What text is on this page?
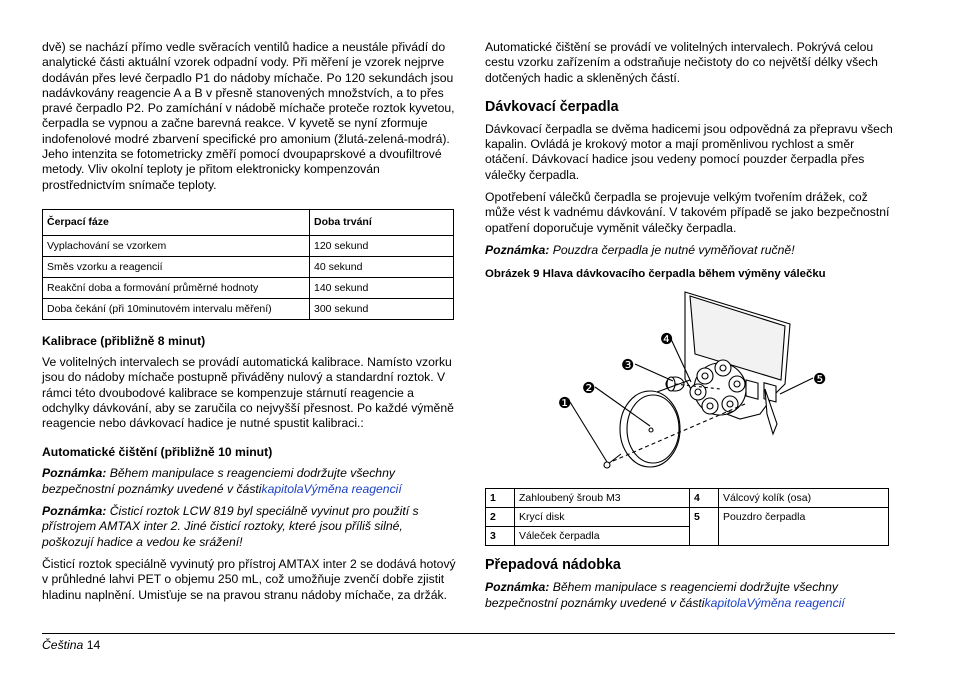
dvě) se nachází přímo vedle svěracích ventilů hadice a neustále přivádí do analytické části aktuální vzorek odpadní vody. Při měření je vzorek nejprve dodáván přes levé čerpadlo P1 do nádoby míchače. Po 120 sekundách jsou nadávkovány reagencie A a B v přesně stanovených množstvích, a to přes pravé čerpadlo P2. Po zamíchání v nádobě míchače proteče roztok kyvetou, čerpadla se vypnou a začne barevná reakce. V kyvetě se nyní zformuje indofenolové modré zbarvení specifické pro amonium (žlutá-zelená-modrá). Jeho intenzita se fotometricky změří pomocí dvoupaprskové a dvoufiltrové metody. Vliv okolní teploty je přitom elektronicky kompenzován prostřednictvím snímače teploty.

Čerpací fáze	Doba trvání
Vyplachování se vzorkem	120 sekund
Směs vzorku a reagencií	40 sekund
Reakční doba a formování průměrné hodnoty	140 sekund
Doba čekání (při 10minutovém intervalu měření)	300 sekund
Kalibrace (přibližně 8 minut)

Ve volitelných intervalech se provádí automatická kalibrace. Namísto vzorku jsou do nádoby míchače postupně přiváděny nulový a standardní roztok. V rámci této dvoubodové kalibrace se kompenzuje stárnutí reagencie a odchylky dávkování, aby se zaručila co nejvyšší přesnost. Po každé výměně reagencie nebo dávkovací hadice je nutné spustit kalibraci.:

Automatické čištění (přibližně 10 minut)

Poznámka: Během manipulace s reagenciemi dodržujte všechny bezpečnostní poznámky uvedené v částikapitolaVýměna reagencií

Poznámka: Čisticí roztok LCW 819 byl speciálně vyvinut pro použití s přístrojem AMTAX inter 2. Jiné čisticí roztoky, které jsou příliš silné, poškozují hadice a vedou ke srážení!

Čisticí roztok speciálně vyvinutý pro přístroj AMTAX inter 2 se dodává hotový v průhledné lahvi PET o objemu 250 mL, což umožňuje zvenčí dobře zjistit hladinu naplnění. Umisťuje se na pravou stranu nádoby míchače, za držák.

Automatické čištění se provádí ve volitelných intervalech. Pokrývá celou cestu vzorku zařízením a odstraňuje nečistoty do co největší délky všech dotčených hadic a skleněných částí.

Dávkovací čerpadla

Dávkovací čerpadla se dvěma hadicemi jsou odpovědná za přepravu všech kapalin. Ovládá je krokový motor a mají proměnlivou rychlost a směr otáčení. Dávkovací hadice jsou vedeny pomocí pouzder čerpadla přes válečky čerpadla.

Opotřebení válečků čerpadla se projevuje velkým tvořením drážek, což může vést k vadnému dávkování. V takovém případě se jako bezpečnostní opatření doporučuje vyměnit válečky čerpadla.

Poznámka: Pouzdra čerpadla je nutné vyměňovat ručně!

Obrázek 9 Hlava dávkovacího čerpadla během výměny válečku
❶
❷
❸
❹
❺
1	Zahloubený šroub M3	4	Válcový kolík (osa)
2	Krycí disk	5	Pouzdro čerpadla
3	Váleček čerpadla		
Přepadová nádobka

Poznámka: Během manipulace s reagenciemi dodržujte všechny bezpečnostní poznámky uvedené v částikapitolaVýměna reagencií

Čeština 14
